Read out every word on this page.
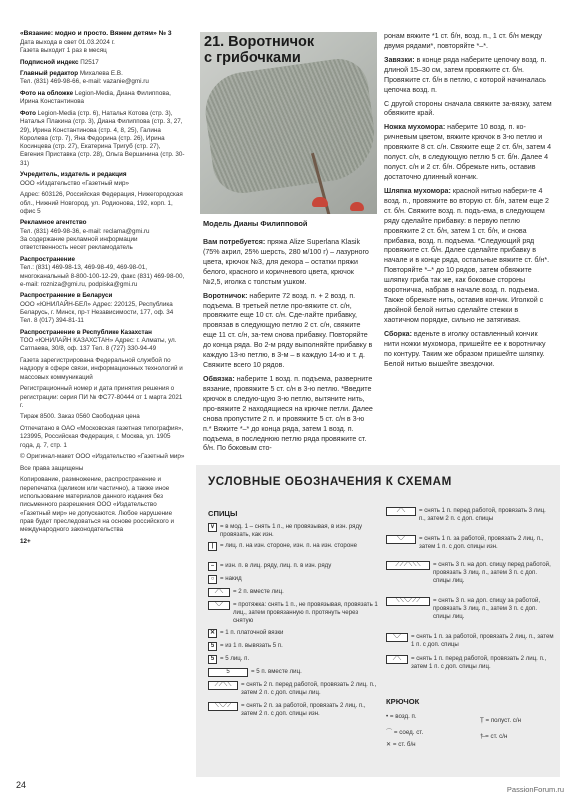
«Вязание: модно и просто. Вяжем детям» № 3
Дата выхода в свет 01.03.2024 г.
Газета выходит 1 раз в месяц

Подписной индекс П2517

Главный редактор Михалева Е.В.
Тел. (831) 469-98-66, e-mail: vazanie@gmi.ru

Фото на обложке Legion-Media, Диана Филиппова, Ирина Константинова

Фото Legion-Media (стр. 6), Наталья Котова (стр. 3), Наталья Плакина (стр. 3), Диана Филиппова (стр. 3, 27, 29), Ирина Константинова (стр. 4, 8, 25), Галина Королева (стр. 7), Яна Федорина (стр. 26), Ирина Косинцева (стр. 27), Екатерина Тригуб (стр. 27), Евгения Приставка (стр. 28), Ольга Вершинина (стр. 30-31)

Учредитель, издатель и редакция
ООО «Издательство «Газетный мир»

Адрес: 603126, Российская Федерация, Нижегородская обл., Нижний Новгород, ул. Родионова, 192, корп. 1, офис 5

Рекламное агентство
Тел. (831) 469-98-36, e-mail: reclama@gmi.ru
За содержание рекламной информации ответственность несет рекламодатель

Распространение
Тел.: (831) 469-98-13, 469-98-49, 469-98-01, многоканальный 8-800-100-12-29, факс (831) 469-98-00, e-mail: rozniza@gmi.ru, podpiska@gmi.ru

Распространение в Беларуси
ООО «ЮНИЛАЙН-БЕЛ» Адрес: 220125, Республика Беларусь, г. Минск, пр-т Независимости, 177, оф. 34 Тел. 8 (017) 394-81-11

Распространение в Республике Казахстан
ТОО «ЮНИЛАЙН КАЗАХСТАН» Адрес: г. Алматы, ул. Сатпаева, 30/8, оф. 137 Тел. 8 (727) 330-94-49

Газета зарегистрирована Федеральной службой по надзору в сфере связи, информационных технологий и массовых коммуникаций

Регистрационный номер и дата принятия решения о регистрации: серия ПИ № ФС77-80444 от 1 марта 2021 г.

Тираж 8500. Заказ 0560 Свободная цена

Отпечатано в ОАО «Московская газетная типография», 123995, Российская Федерация, г. Москва, ул. 1905 года, д. 7, стр. 1

© Оригинал-макет ООО «Издательство «Газетный мир»

Все права защищены

Копирование, размножение, распространение и перепечатка (целиком или частично), а также иное использование материалов данного издания без письменного разрешения ООО «Издательство «Газетный мир» не допускаются. Любое нарушение прав будет преследоваться на основе российского и международного законодательства

12+

21. Воротничок
с грибочками
Модель Дианы Филипповой

Вам потребуется: пряжа Alize Superlana Klasik (75% акрил, 25% шерсть, 280 м/100 г) – лазурного цвета, крючок №3, для декора – остатки пряжи белого, красного и коричневого цвета, крючок №2,5, иголка с толстым ушком.

Воротничок: наберите 72 возд. п. + 2 возд. п. подъема. В третьей петле про-вяжите ст. с/н, провяжите еще 10 ст. с/н. Сде-лайте прибавку, провязав в следующую петлю 2 ст. с/н, свяжите еще 11 ст. с/н, за-тем снова прибавку. Повторяйте до конца ряда. Во 2-м ряду выполняйте прибавку в каждую 13-ю петлю, в 3-м – в каждую 14-ю и т. д. Свяжите всего 10 рядов.

Обвязка: наберите 1 возд. п. подъема, разверните вязание, провяжите 5 ст. с/н в 3-ю петлю. *Введите крючок в следую-щую 3-ю петлю, вытяните нить, про-вяжите 2 находящиеся на крючке петли. Далее снова пропустите 2 п. и провяжите 5 ст. с/н в 3-ю п.* Вяжите *–* до конца ряда, затем 1 возд. п. подъема, в последнюю петлю ряда провяжите ст. б/н. По боковым сто-

ронам вяжите *1 ст. б/н, возд. п., 1 ст. б/н между двумя рядами*, повторяйте *–*.

Завязки: в конце ряда наберите цепочку возд. п. длиной 15–30 см, затем провяжите ст. б/н. Провяжите ст. б/н в петлю, с которой начиналась цепочка возд. п.

С другой стороны сначала свяжите за-вязку, затем обвяжите край.

Ножка мухомора: наберите 10 возд. п. ко-ричневым цветом, вяжите крючок в 3-ю петлю и провяжите 8 ст. с/н. Свяжите еще 2 ст. б/н, затем 4 полуст. с/н, в следующую петлю 5 ст. б/н. Далее 4 полуст. с/н и 2 ст. б/н. Обрежьте нить, оставив достаточно длинный кончик.

Шляпка мухомора: красной нитью набери-те 4 возд. п., провяжите во вторую ст. б/н, затем еще 2 ст. б/н. Свяжите возд. п. подъ-ема, в следующем ряду сделайте прибавку: в первую петлю провяжите 2 ст. б/н, затем 1 ст. б/н, и снова прибавка, возд. п. подъема. *Следующий ряд провяжите ст. б/н. Далее сделайте прибавку в начале и в конце ряда, остальные вяжите ст. б/н*. Повторяйте *–* до 10 рядов, затем обвяжите шляпку гриба так же, как боковые стороны воротничка, набрав в начале возд. п. подъема. Также обрежьте нить, оставив кончик. Иголкой с двойной белой нитью сделайте стежки в хаотичном порядке, сильно не затягивая.

Сборка: вденьте в иголку оставленный кончик нити ножки мухомора, пришейте ее к воротничку по контуру. Таким же образом пришейте шляпку. Белой нитью вышейте звездочки.

УСЛОВНЫЕ ОБОЗНАЧЕНИЯ К СХЕМАМ
СПИЦЫ
∨ = в мод. 1 – снять 1 п., не провязывая, в изн. ряду провязать, как изн.
|	= лиц. п. на изн. стороне, изн. п. на изн. стороне
– = изн. п. в лиц. ряду, лиц. п. в изн. ряду
○ = накид
⟋⟍	= 2 п. вместе лиц.
⟍⟋	= протяжка: снять 1 п., не провязывая, провязать 1 лиц., затем провязанную п. протянуть через снятую
✕ = 1 п. платочной вязки
5 = из 1 п. вывязать 5 п.
5 = 5 лиц. п.
5	= 5 п. вместе лиц.
⟋⟋⟍⟍	= снять 2 п. перед работой, провязать 2 лиц. п., затем 2 п. с доп. спицы лиц.
⟍⟍⟋⟋	= снять 2 п. за работой, провязать 2 лиц. п., затем 2 п. с доп. спицы изн.
⟋⟍	= снять 1 п. перед работой, провязать 3 лиц. п., затем 2 п. с доп. спицы
⟍⟋	= снять 1 п. за работой, провязать 2 лиц. п., затем 1 п. с доп. спицы изн.
⟋⟋⟋⟍⟍⟍	= снять 3 п. на доп. спицу перед работой, провязать 3 лиц. п., затем 3 п. с доп. спицы лиц.
⟍⟍⟍⟋⟋⟋	= снять 3 п. на доп. спицу за работой, провязать 3 лиц. п., затем 3 п. с доп. спицы лиц.
⟍⟋	= снять 1 п. за работой, провязать 2 лиц. п., затем 1 п. с доп. спицы
⟋⟍	= снять 1 п. перед работой, провязать 2 лиц. п., затем 1 п. с доп. спицы лиц.
КРЮЧОК
• = возд. п.
⌒ = соед. ст.
✕ = ст. б/н
Ṭ = полуст. с/н
†̶ = ст. с/н
24	PassionForum.ru
